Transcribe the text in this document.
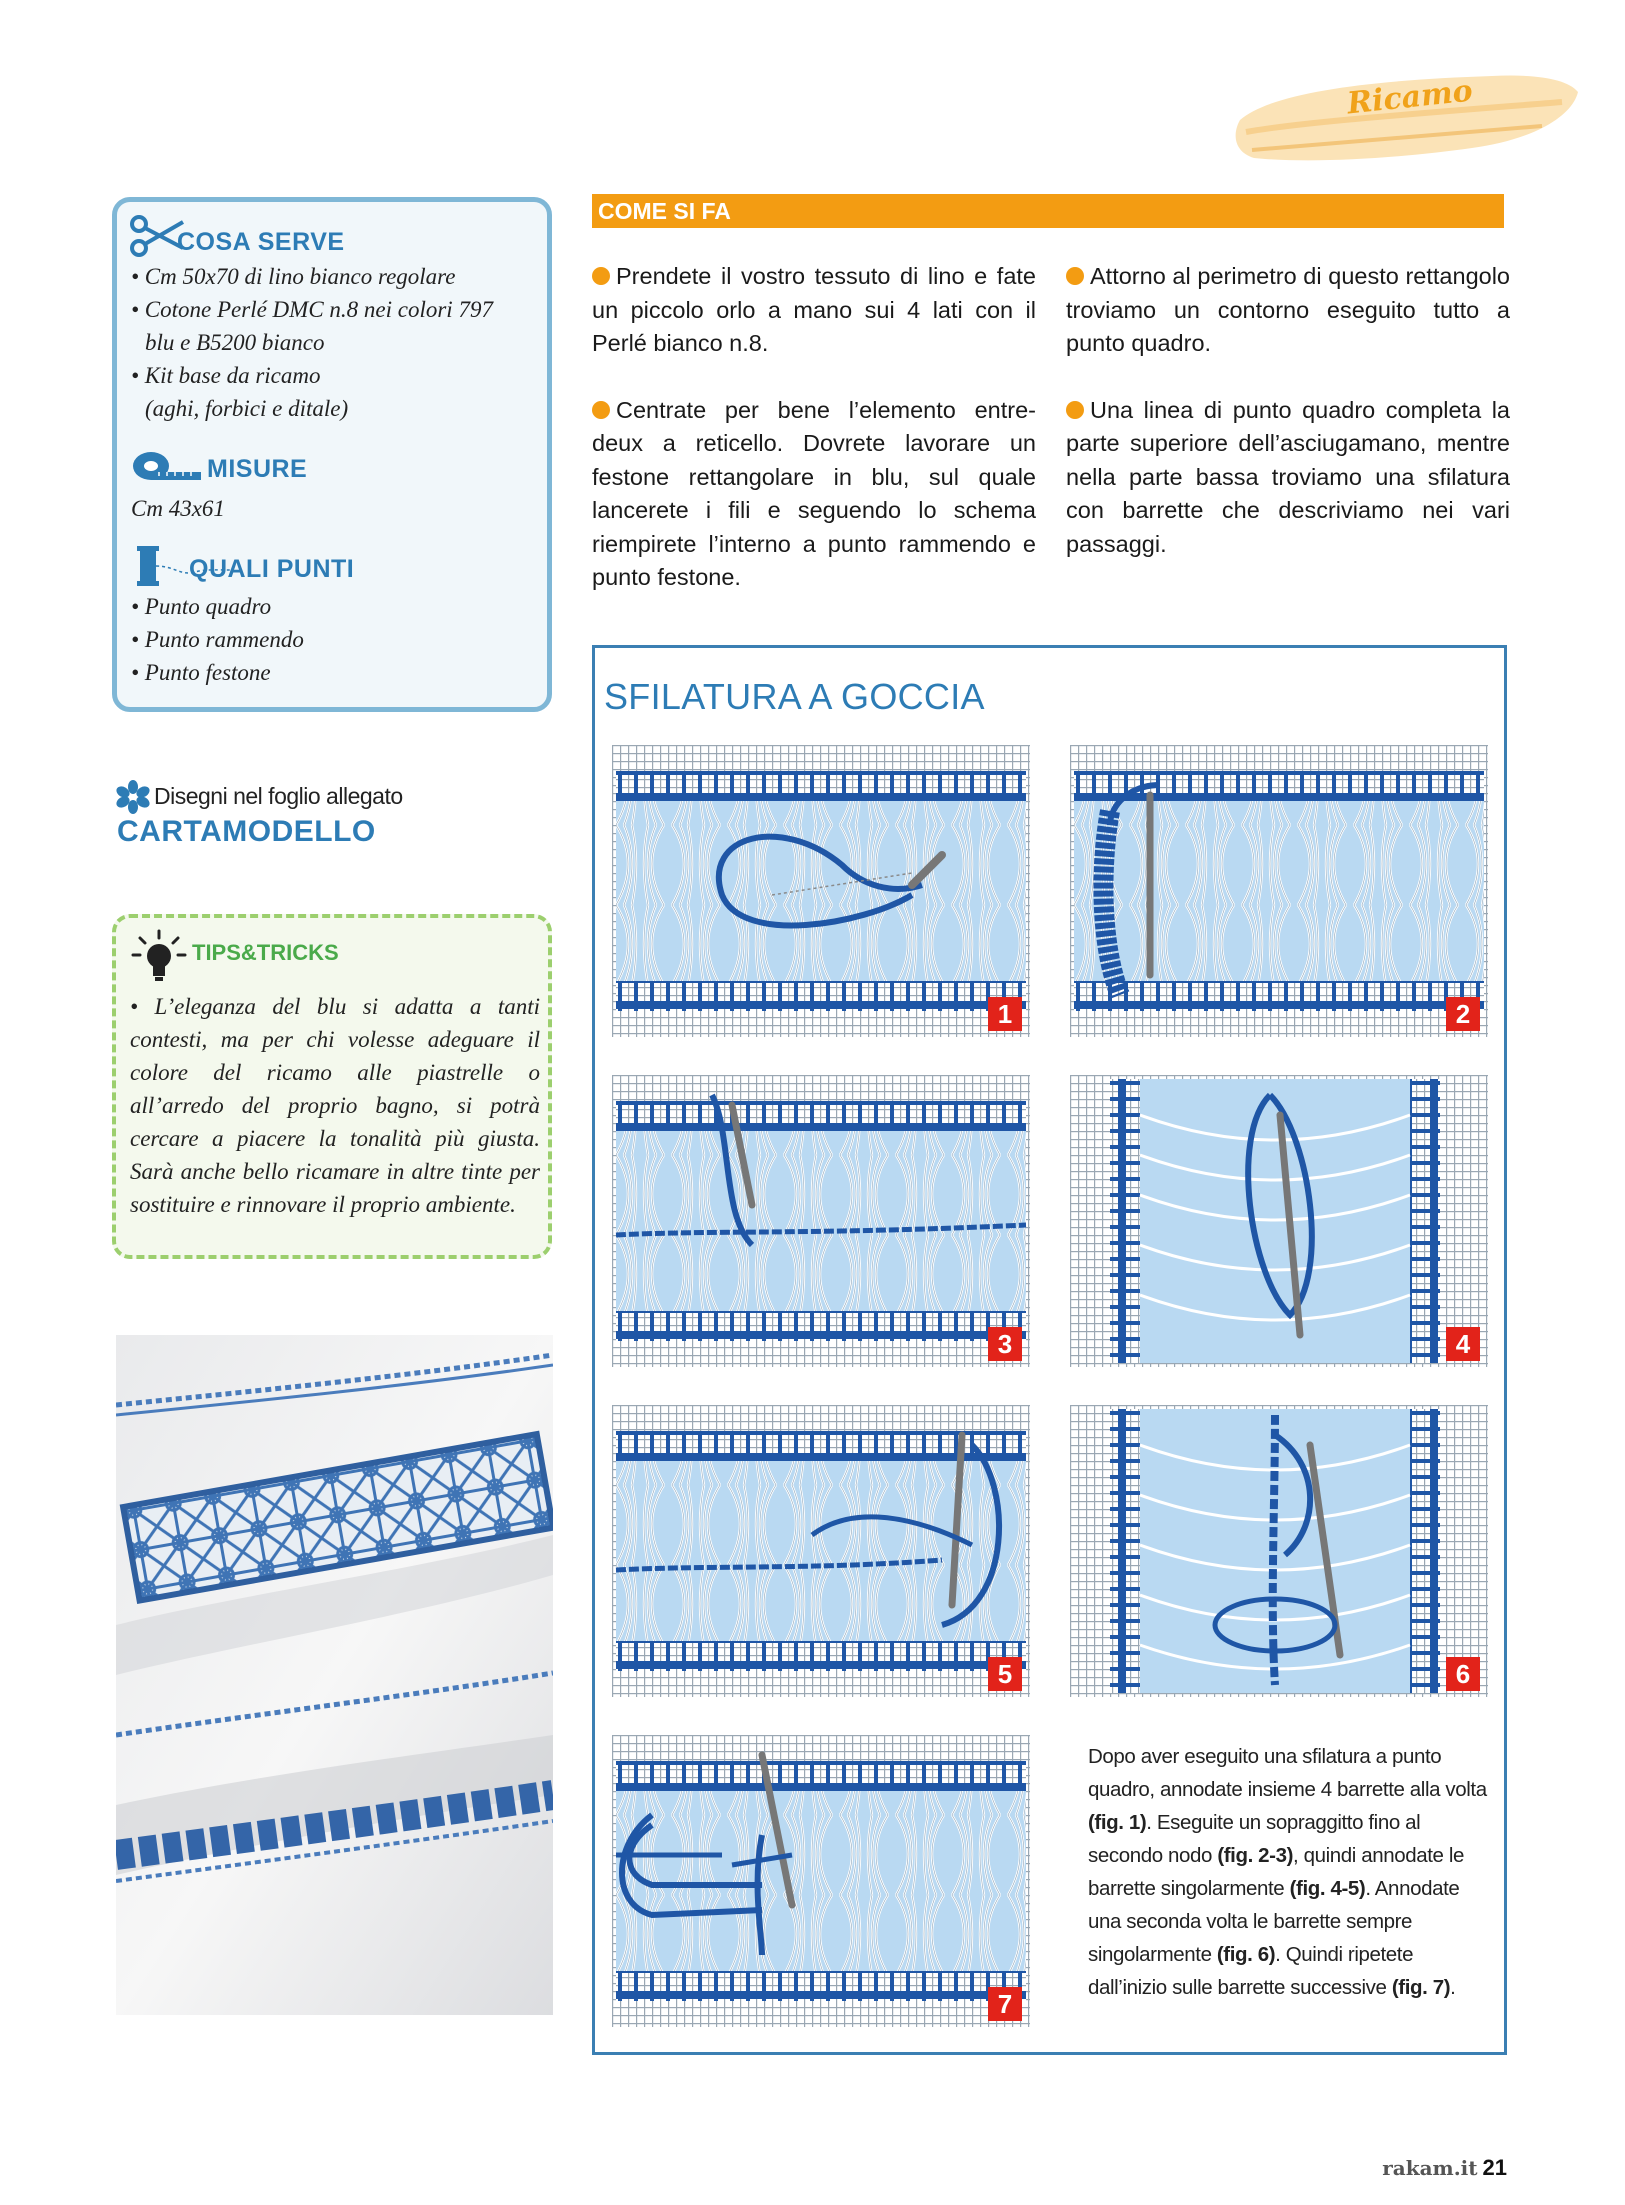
Ricamo
COSA SERVE
• Cm 50x70 di lino bianco regolare
• Cotone Perlé DMC n.8 nei colori 797
blu e B5200 bianco
• Kit base da ricamo
(aghi, forbici e ditale)
MISURE
Cm 43x61
QUALI PUNTI
• Punto quadro
• Punto rammendo
• Punto festone
Disegni nel foglio allegato
CARTAMODELLO
TIPS&TRICKS

• L’eleganza del blu si adatta a tanti contesti, ma per chi volesse adeguare il colore del ricamo alle piastrelle o all’arredo del proprio bagno, si potrà cercare a piacere la tonalità più giusta. Sarà anche bello ricamare in altre tinte per sostituire e rinnovare il proprio ambiente.

COME SI FA

Prendete il vostro tessuto di lino e fate un piccolo orlo a mano sui 4 lati con il Perlé bianco n.8.

Centrate per bene l’elemento entre-deux a reticello. Dovrete lavorare un festone rettangolare in blu, sul quale lancerete i fili e seguendo lo schema riempirete l’interno a punto rammendo e punto festone.

Attorno al perimetro di questo rettangolo troviamo un contorno eseguito tutto a punto quadro.

Una linea di punto quadro completa la parte superiore dell’asciugamano, mentre nella parte bassa troviamo una sfilatura con barrette che descriviamo nei vari passaggi.

SFILATURA A GOCCIA
1	2
3	4
5	6
7

Dopo aver eseguito una sfilatura a punto quadro, annodate insieme 4 barrette alla volta (fig. 1). Eseguite un sopraggitto fino al secondo nodo (fig. 2-3), quindi annodate le barrette singolarmente (fig. 4-5). Annodate una seconda volta le barrette sempre singolarmente (fig. 6). Quindi ripetete dall’inizio sulle barrette successive (fig. 7).

rakam.it 21
